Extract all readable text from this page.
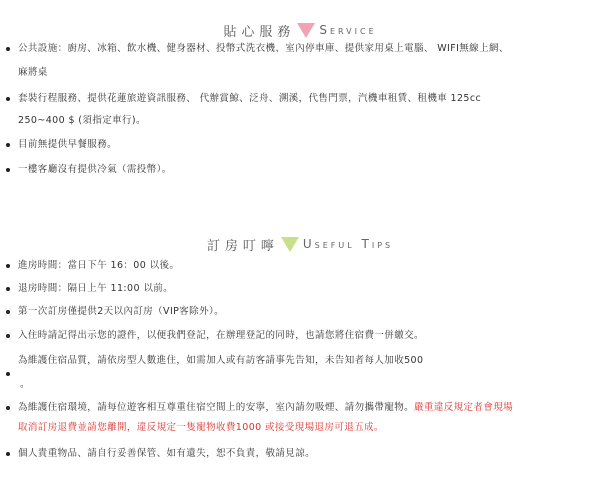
貼心服務 Service
公共設施：廚房、冰箱、飲水機、健身器材、投幣式洗衣機、室內停車庫、提供家用桌上電腦、 WIFI無線上網、
麻將桌
套裝行程服務、提供花蓮旅遊資訊服務、 代辦賞鯨、泛舟、溯溪，代售門票，汽機車租賃、租機車 125cc
250~400 $ (須指定車行)。
目前無提供早餐服務。
一樓客廳沒有提供冷氣（需投幣）。
訂房叮嚀 Useful Tips
進房時間：當日下午 16：00 以後。
退房時間：隔日上午 11:00 以前。
第一次訂房僅提供2天以內訂房（VIP客除外）。
入住時請記得出示您的證件，以便我們登記，在辦理登記的同時，也請您將住宿費一併繳交。
為維護住宿品質，請依房型人數進住，如需加人或有訪客請事先告知，未告知者每人加收500
。
為維護住宿環境，請每位遊客相互尊重住宿空間上的安寧，室內請勿吸煙、請勿攜帶寵物。嚴重違反規定者會現場
取消訂房退費並請您離開，違反規定一隻寵物收費1000 或接受現場退房可退五成。
個人貴重物品、請自行妥善保管、如有遺失，恕不負責，敬請見諒。
